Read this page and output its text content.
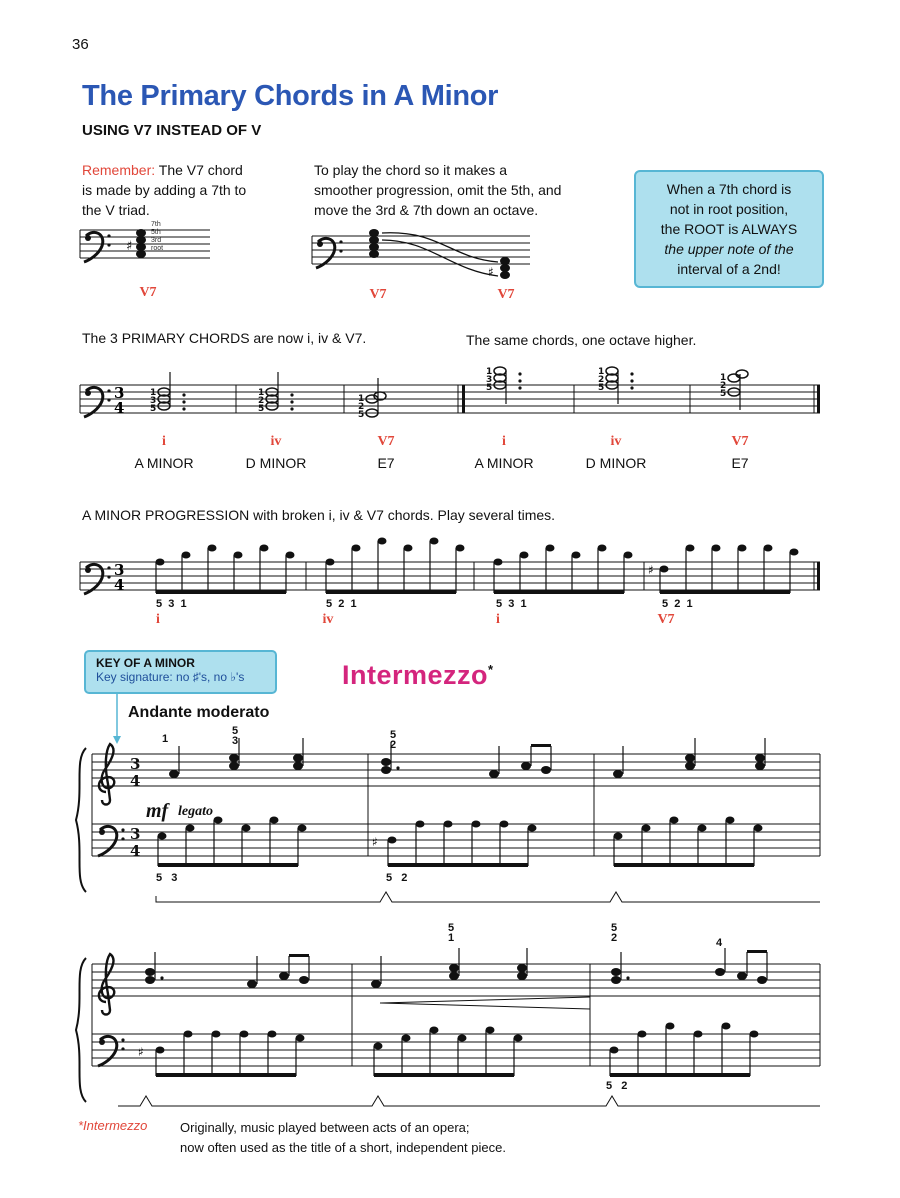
36
The Primary Chords in A Minor
USING V7 INSTEAD OF V
Remember: The V7 chord
is made by adding a 7th to
the V triad.
To play the chord so it makes a
smoother progression, omit the 5th, and
move the 3rd & 7th down an octave.
When a 7th chord is
not in root position,
the ROOT is ALWAYS
the upper note of the
interval of a 2nd!
V7	V7	V7
7th
5th
3rd
root
The 3 PRIMARY CHORDS are now i, iv & V7.	The same chords, one octave higher.
i	iv	V7	i	iv	V7
A MINOR	D MINOR	E7	A MINOR	D MINOR	E7
A MINOR PROGRESSION with broken i, iv & V7 chords. Play several times.
5  3  1	5  2  1	5  3  1	5  2  1
i	iv	i	V7
KEY OF A MINOR
Key signature: no ♯'s, no ♭'s	Intermezzo*
Andante moderato
mf legato
1
5
3	5
2
5   3	5   2
5
1
5
2	4
5   2
*Intermezzo	Originally, music played between acts of an opera;
now often used as the title of a short, independent piece.
♯
♯
3
4
1
3
5
1
2
5
1
2
5
1
3
5
1
2
5
1
2
5
3
4
♯
3
4
3
4	♯
♯
